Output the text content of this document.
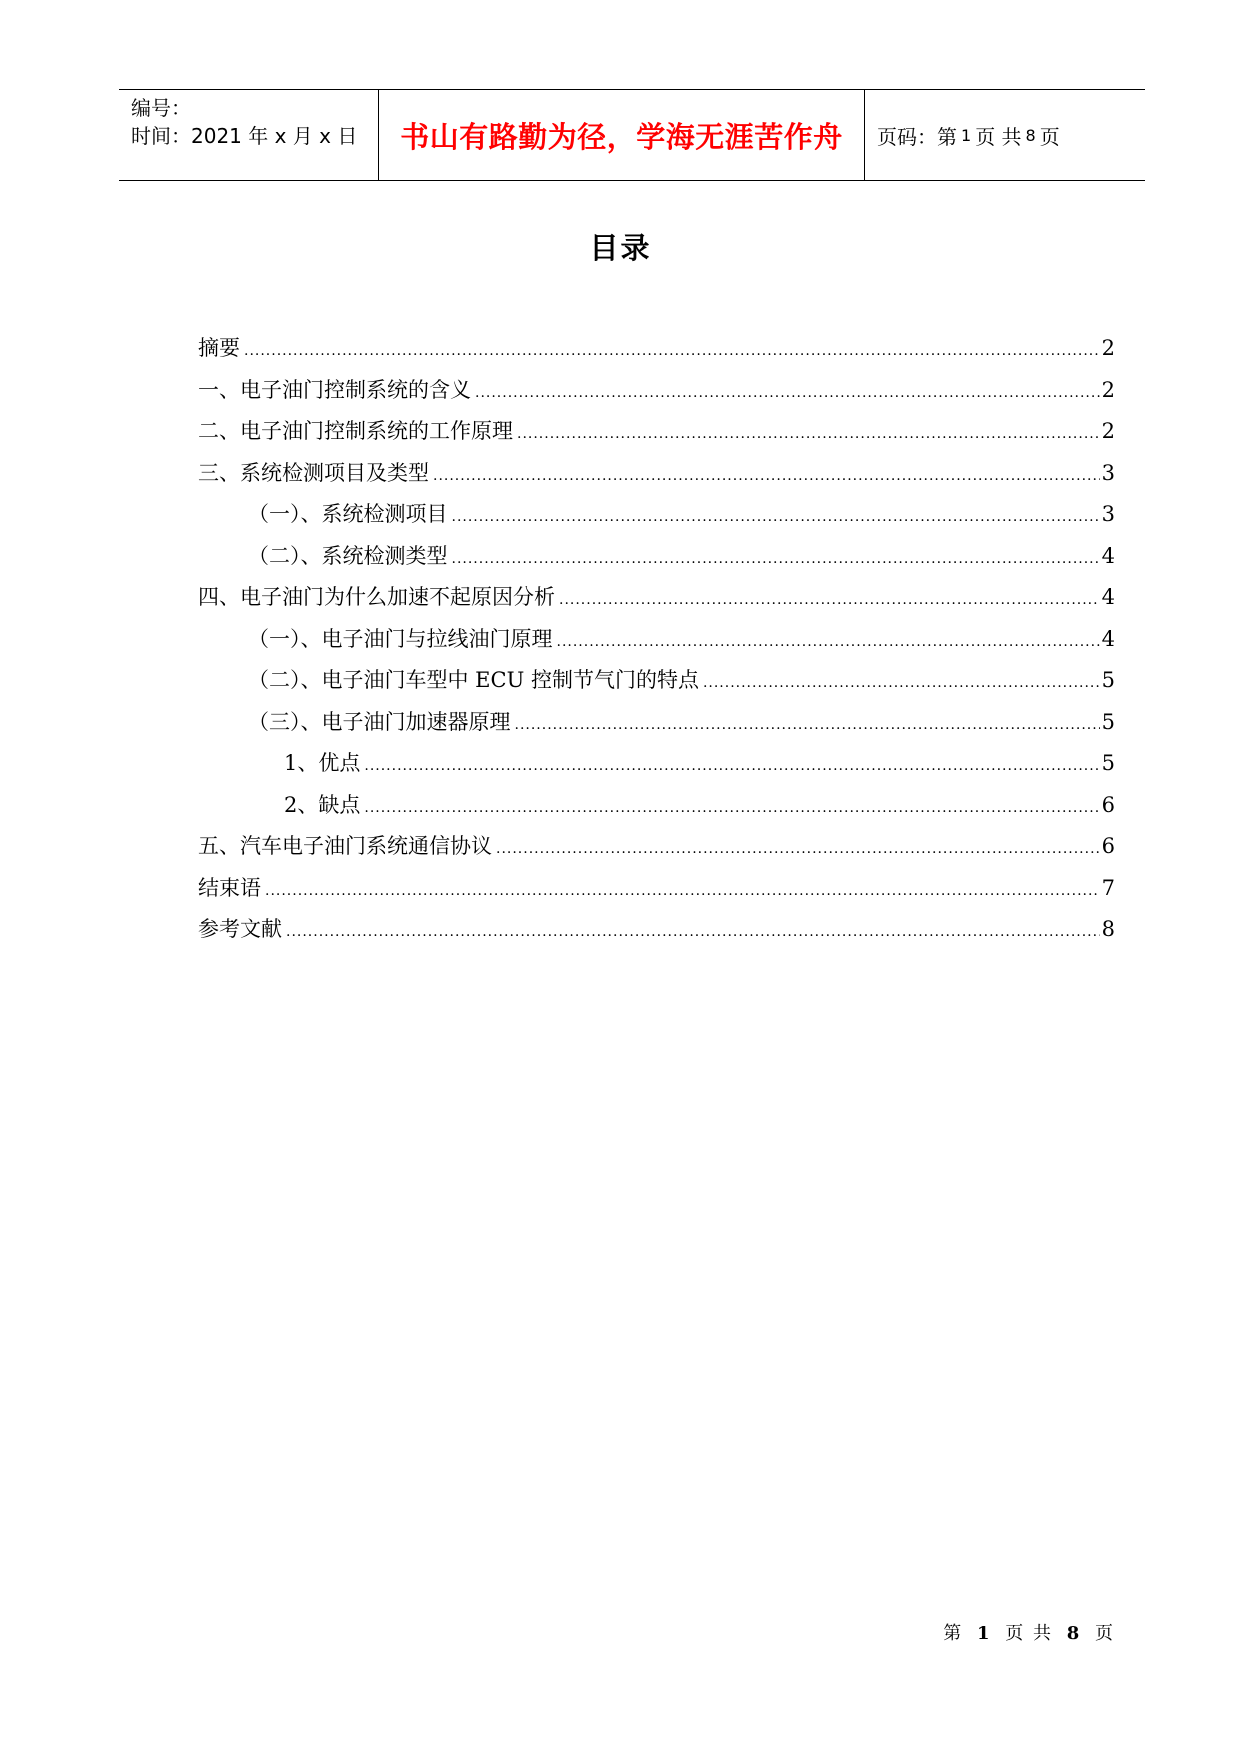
编号：
时间：2021 年 x 月 x 日	书山有路勤为径，学海无涯苦作舟 页码：第 1 页 共 8 页
目录
摘要 .....	2
一、电子油门控制系统的含义 .....	2
二、电子油门控制系统的工作原理 .....	2
三、系统检测项目及类型 .....	3
（一）、系统检测项目 .....	3
（二）、系统检测类型 .....	4
四、电子油门为什么加速不起原因分析 .....	4
（一）、电子油门与拉线油门原理 .....	4
（二）、电子油门车型中 ECU 控制节气门的特点 .....	5
（三）、电子油门加速器原理 .....	5
1、优点 .....	5
2、缺点 .....	6
五、汽车电子油门系统通信协议 .....	6
结束语 .....	7
参考文献 .....	8
第 1 页 共 8 页
